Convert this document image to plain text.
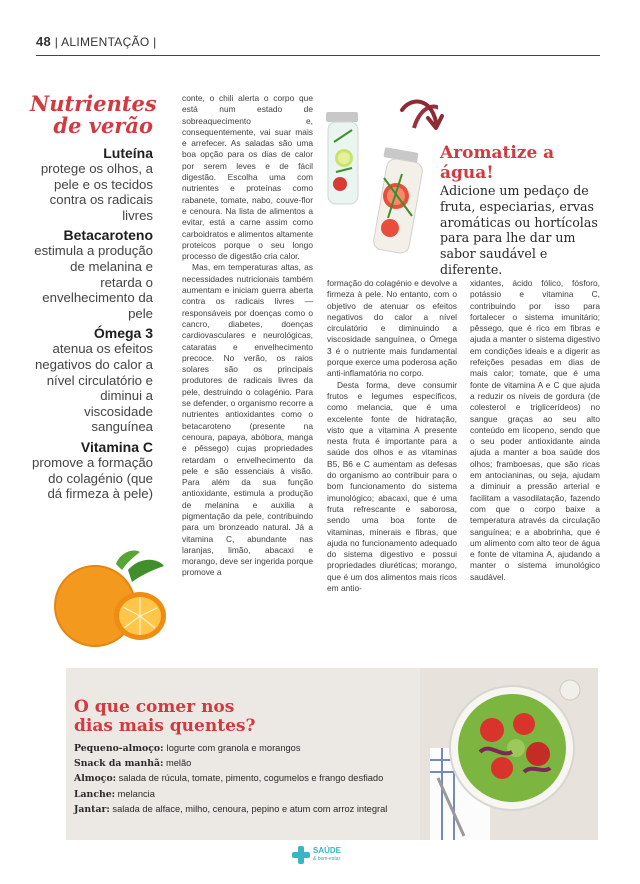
48 | ALIMENTAÇÃO |
Nutrientes
de verão
Luteína
protege os olhos, a pele e os tecidos contra os radicais livres
Betacaroteno
estimula a produção de melanina e retarda o envelhecimento da pele
Ómega 3
atenua os efeitos negativos do calor a nível circulatório e diminui a viscosidade sanguínea
Vitamina C
promove a formação do colagénio (que dá firmeza à pele)

conte, o chili alerta o corpo que está num estado de sobreaquecimento e, consequentemente, vai suar mais e arrefecer. As saladas são uma boa opção para os dias de calor por serem leves e de fácil digestão. Escolha uma com nutrientes e proteínas como rabanete, tomate, nabo, couve-flor e cenoura. Na lista de alimentos a evitar, está a carne assim como carboidratos e alimentos altamente proteicos porque o seu longo processo de digestão cria calor.

Mas, em temperaturas altas, as necessidades nutricionais também aumentam e iniciam guerra aberta contra os radicais livres — responsáveis por doenças como o cancro, diabetes, doenças cardiovasculares e neurológicas, cataratas e envelhecimento precoce. No verão, os raios solares são os principais produtores de radicais livres da pele, destruindo o colagénio. Para se defender, o organismo recorre a nutrientes antioxidantes como o betacaroteno (presente na cenoura, papaya, abóbora, manga e pêssego) cujas propriedades retardam o envelhecimento da pele e são essenciais à visão. Para além da sua função antioxidante, estimula a produção de melanina e auxilia a pigmentação da pele, contribuindo para um bronzeado natural. Já a vitamina C, abundante nas laranjas, limão, abacaxi e morango, deve ser ingerida porque promove a

formação do colagénio e devolve a firmeza à pele. No entanto, com o objetivo de atenuar os efeitos negativos do calor a nível circulatório e diminuindo a viscosidade sanguínea, o Ómega 3 é o nutriente mais fundamental porque exerce uma poderosa ação anti-inflamatória no corpo.

Desta forma, deve consumir frutos e legumes específicos, como melancia, que é uma excelente fonte de hidratação, visto que a vitamina A presente nesta fruta é importante para a saúde dos olhos e as vitaminas B5, B6 e C aumentam as defesas do organismo ao contribuir para o bom funcionamento do sistema imunológico; abacaxi, que é uma fruta refrescante e saborosa, sendo uma boa fonte de vitaminas, minerais e fibras, que ajuda no funcionamento adequado do sistema digestivo e possui propriedades diuréticas; morango, que é um dos alimentos mais ricos em antio-

xidantes, ácido fólico, fósforo, potássio e vitamina C, contribuindo por isso para fortalecer o sistema imunitário; pêssego, que é rico em fibras e ajuda a manter o sistema digestivo em condições ideais e a digerir as refeições pesadas em dias de mais calor; tomate, que é uma fonte de vitamina A e C que ajuda a reduzir os níveis de gordura (de colesterol e triglicerídeos) no sangue graças ao seu alto conteúdo em licopeno, sendo que o seu poder antioxidante ainda ajuda a manter a boa saúde dos olhos; framboesas, que são ricas em antocianinas, ou seja, ajudam a diminuir a pressão arterial e facilitam a vasodilatação, fazendo com que o corpo baixe a temperatura através da circulação sanguínea; e a abobrinha, que é um alimento com alto teor de água e fonte de vitamina A, ajudando a manter o sistema imunológico saudável.

Aromatize a água!
Adicione um pedaço de fruta, especiarias, ervas aromáticas ou hortícolas para para lhe dar um sabor saudável e diferente.
O que comer nos
dias mais quentes?
Pequeno-almoço: Iogurte com granola e morangos
Snack da manhã: melão
Almoço: salada de rúcula, tomate, pimento, cogumelos e frango desfiado
Lanche: melancia
Jantar: salada de alface, milho, cenoura, pepino e atum com arroz integral
SAÚDE
& bem-estar
